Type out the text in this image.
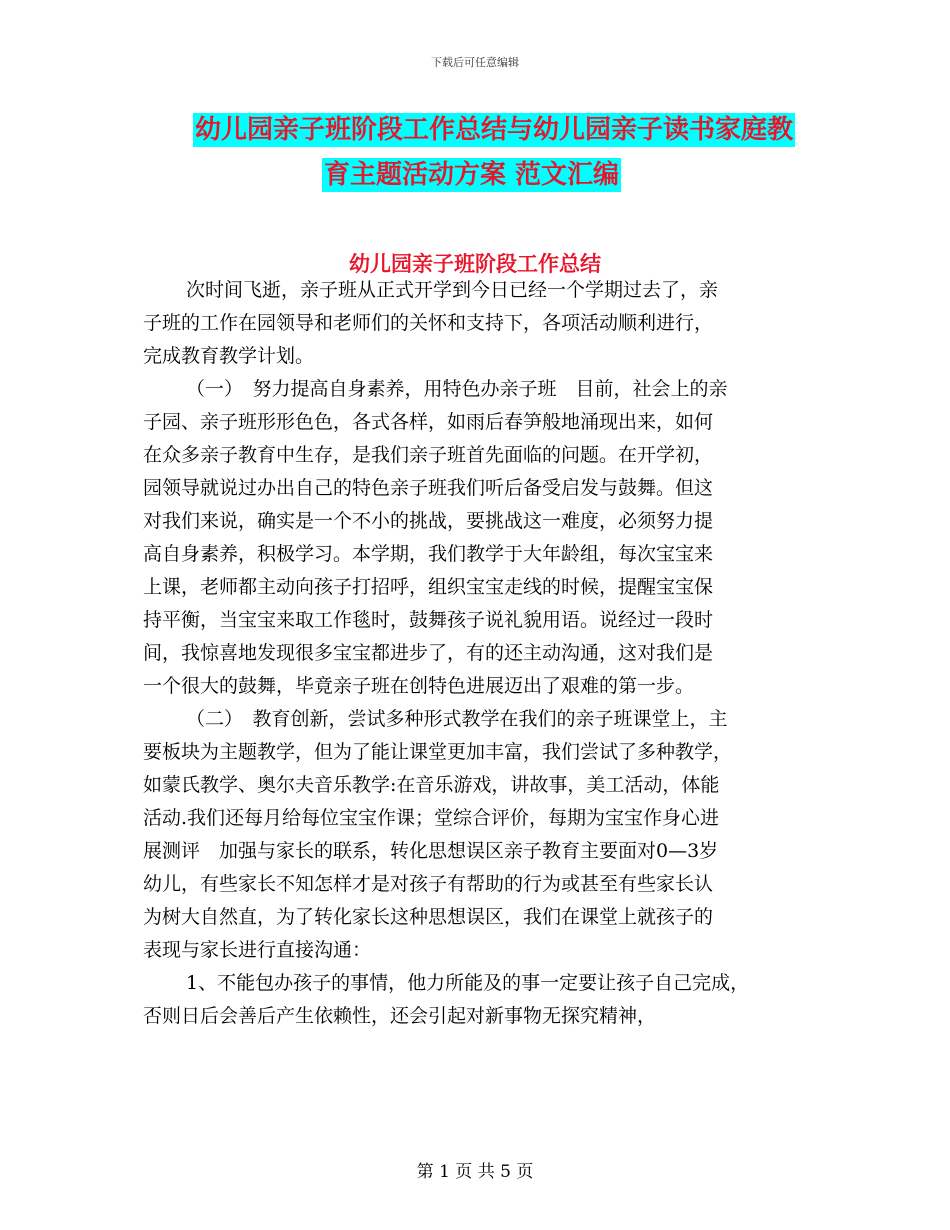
下载后可任意编辑
幼儿园亲子班阶段工作总结与幼儿园亲子读书家庭教
育主题活动方案 范文汇编
幼儿园亲子班阶段工作总结
次时间飞逝，亲子班从正式开学到今日已经一个学期过去了，亲
子班的工作在园领导和老师们的关怀和支持下，各项活动顺利进行，
完成教育教学计划。
（一）　努力提高自身素养，用特色办亲子班　目前，社会上的亲
子园、亲子班形形色色，各式各样，如雨后春笋般地涌现出来，如何
在众多亲子教育中生存，是我们亲子班首先面临的问题。在开学初，
园领导就说过办出自己的特色亲子班我们听后备受启发与鼓舞。但这
对我们来说，确实是一个不小的挑战，要挑战这一难度，必须努力提
高自身素养，积极学习。本学期，我们教学于大年龄组，每次宝宝来
上课，老师都主动向孩子打招呼，组织宝宝走线的时候，提醒宝宝保
持平衡，当宝宝来取工作毯时，鼓舞孩子说礼貌用语。说经过一段时
间，我惊喜地发现很多宝宝都进步了，有的还主动沟通，这对我们是
一个很大的鼓舞，毕竟亲子班在创特色进展迈出了艰难的第一步。
（二）　教育创新，尝试多种形式教学在我们的亲子班课堂上，主
要板块为主题教学，但为了能让课堂更加丰富，我们尝试了多种教学，
如蒙氏教学、奥尔夫音乐教学:在音乐游戏，讲故事，美工活动，体能
活动.我们还每月给每位宝宝作课；堂综合评价，每期为宝宝作身心进
展测评　加强与家长的联系，转化思想误区亲子教育主要面对0—3岁
幼儿，有些家长不知怎样才是对孩子有帮助的行为或甚至有些家长认
为树大自然直，为了转化家长这种思想误区，我们在课堂上就孩子的
表现与家长进行直接沟通：
1、不能包办孩子的事情，他力所能及的事一定要让孩子自己完成，
否则日后会善后产生依赖性，还会引起对新事物无探究精神，
第 1 页 共 5 页
